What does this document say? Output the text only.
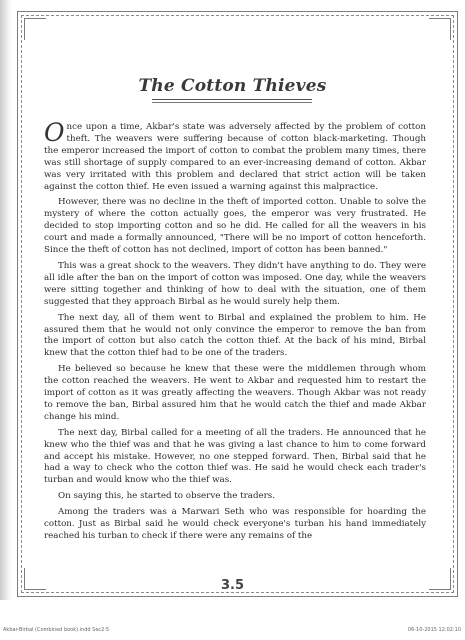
The Cotton Thieves

Once upon a time, Akbar's state was adversely affected by the problem of cotton theft. The weavers were suffering because of cotton black-marketing. Though the emperor increased the import of cotton to combat the problem many times, there was still shortage of supply compared to an ever-increasing demand of cotton. Akbar was very irritated with this problem and declared that strict action will be taken against the cotton thief. He even issued a warning against this malpractice.

However, there was no decline in the theft of imported cotton. Unable to solve the mystery of where the cotton actually goes, the emperor was very frustrated. He decided to stop importing cotton and so he did. He called for all the weavers in his court and made a formally announced, "There will be no import of cotton henceforth. Since the theft of cotton has not declined, import of cotton has been banned."

This was a great shock to the weavers. They didn't have anything to do. They were all idle after the ban on the import of cotton was imposed. One day, while the weavers were sitting together and thinking of how to deal with the situation, one of them suggested that they approach Birbal as he would surely help them.

The next day, all of them went to Birbal and explained the problem to him. He assured them that he would not only convince the emperor to remove the ban from the import of cotton but also catch the cotton thief. At the back of his mind, Birbal knew that the cotton thief had to be one of the traders.

He believed so because he knew that these were the middlemen through whom the cotton reached the weavers. He went to Akbar and requested him to restart the import of cotton as it was greatly affecting the weavers. Though Akbar was not ready to remove the ban, Birbal assured him that he would catch the thief and made Akbar change his mind.

The next day, Birbal called for a meeting of all the traders. He announced that he knew who the thief was and that he was giving a last chance to him to come forward and accept his mistake. However, no one stepped forward. Then, Birbal said that he had a way to check who the cotton thief was. He said he would check each trader's turban and would know who the thief was.

On saying this, he started to observe the traders.

Among the traders was a Marwari Seth who was responsible for hoarding the cotton. Just as Birbal said he would check everyone's turban his hand immediately reached his turban to check if there were any remains of the

3.5
Akbar-Birbal (Combined book).indd Sec2:5	06-10-2015 12:02:10
